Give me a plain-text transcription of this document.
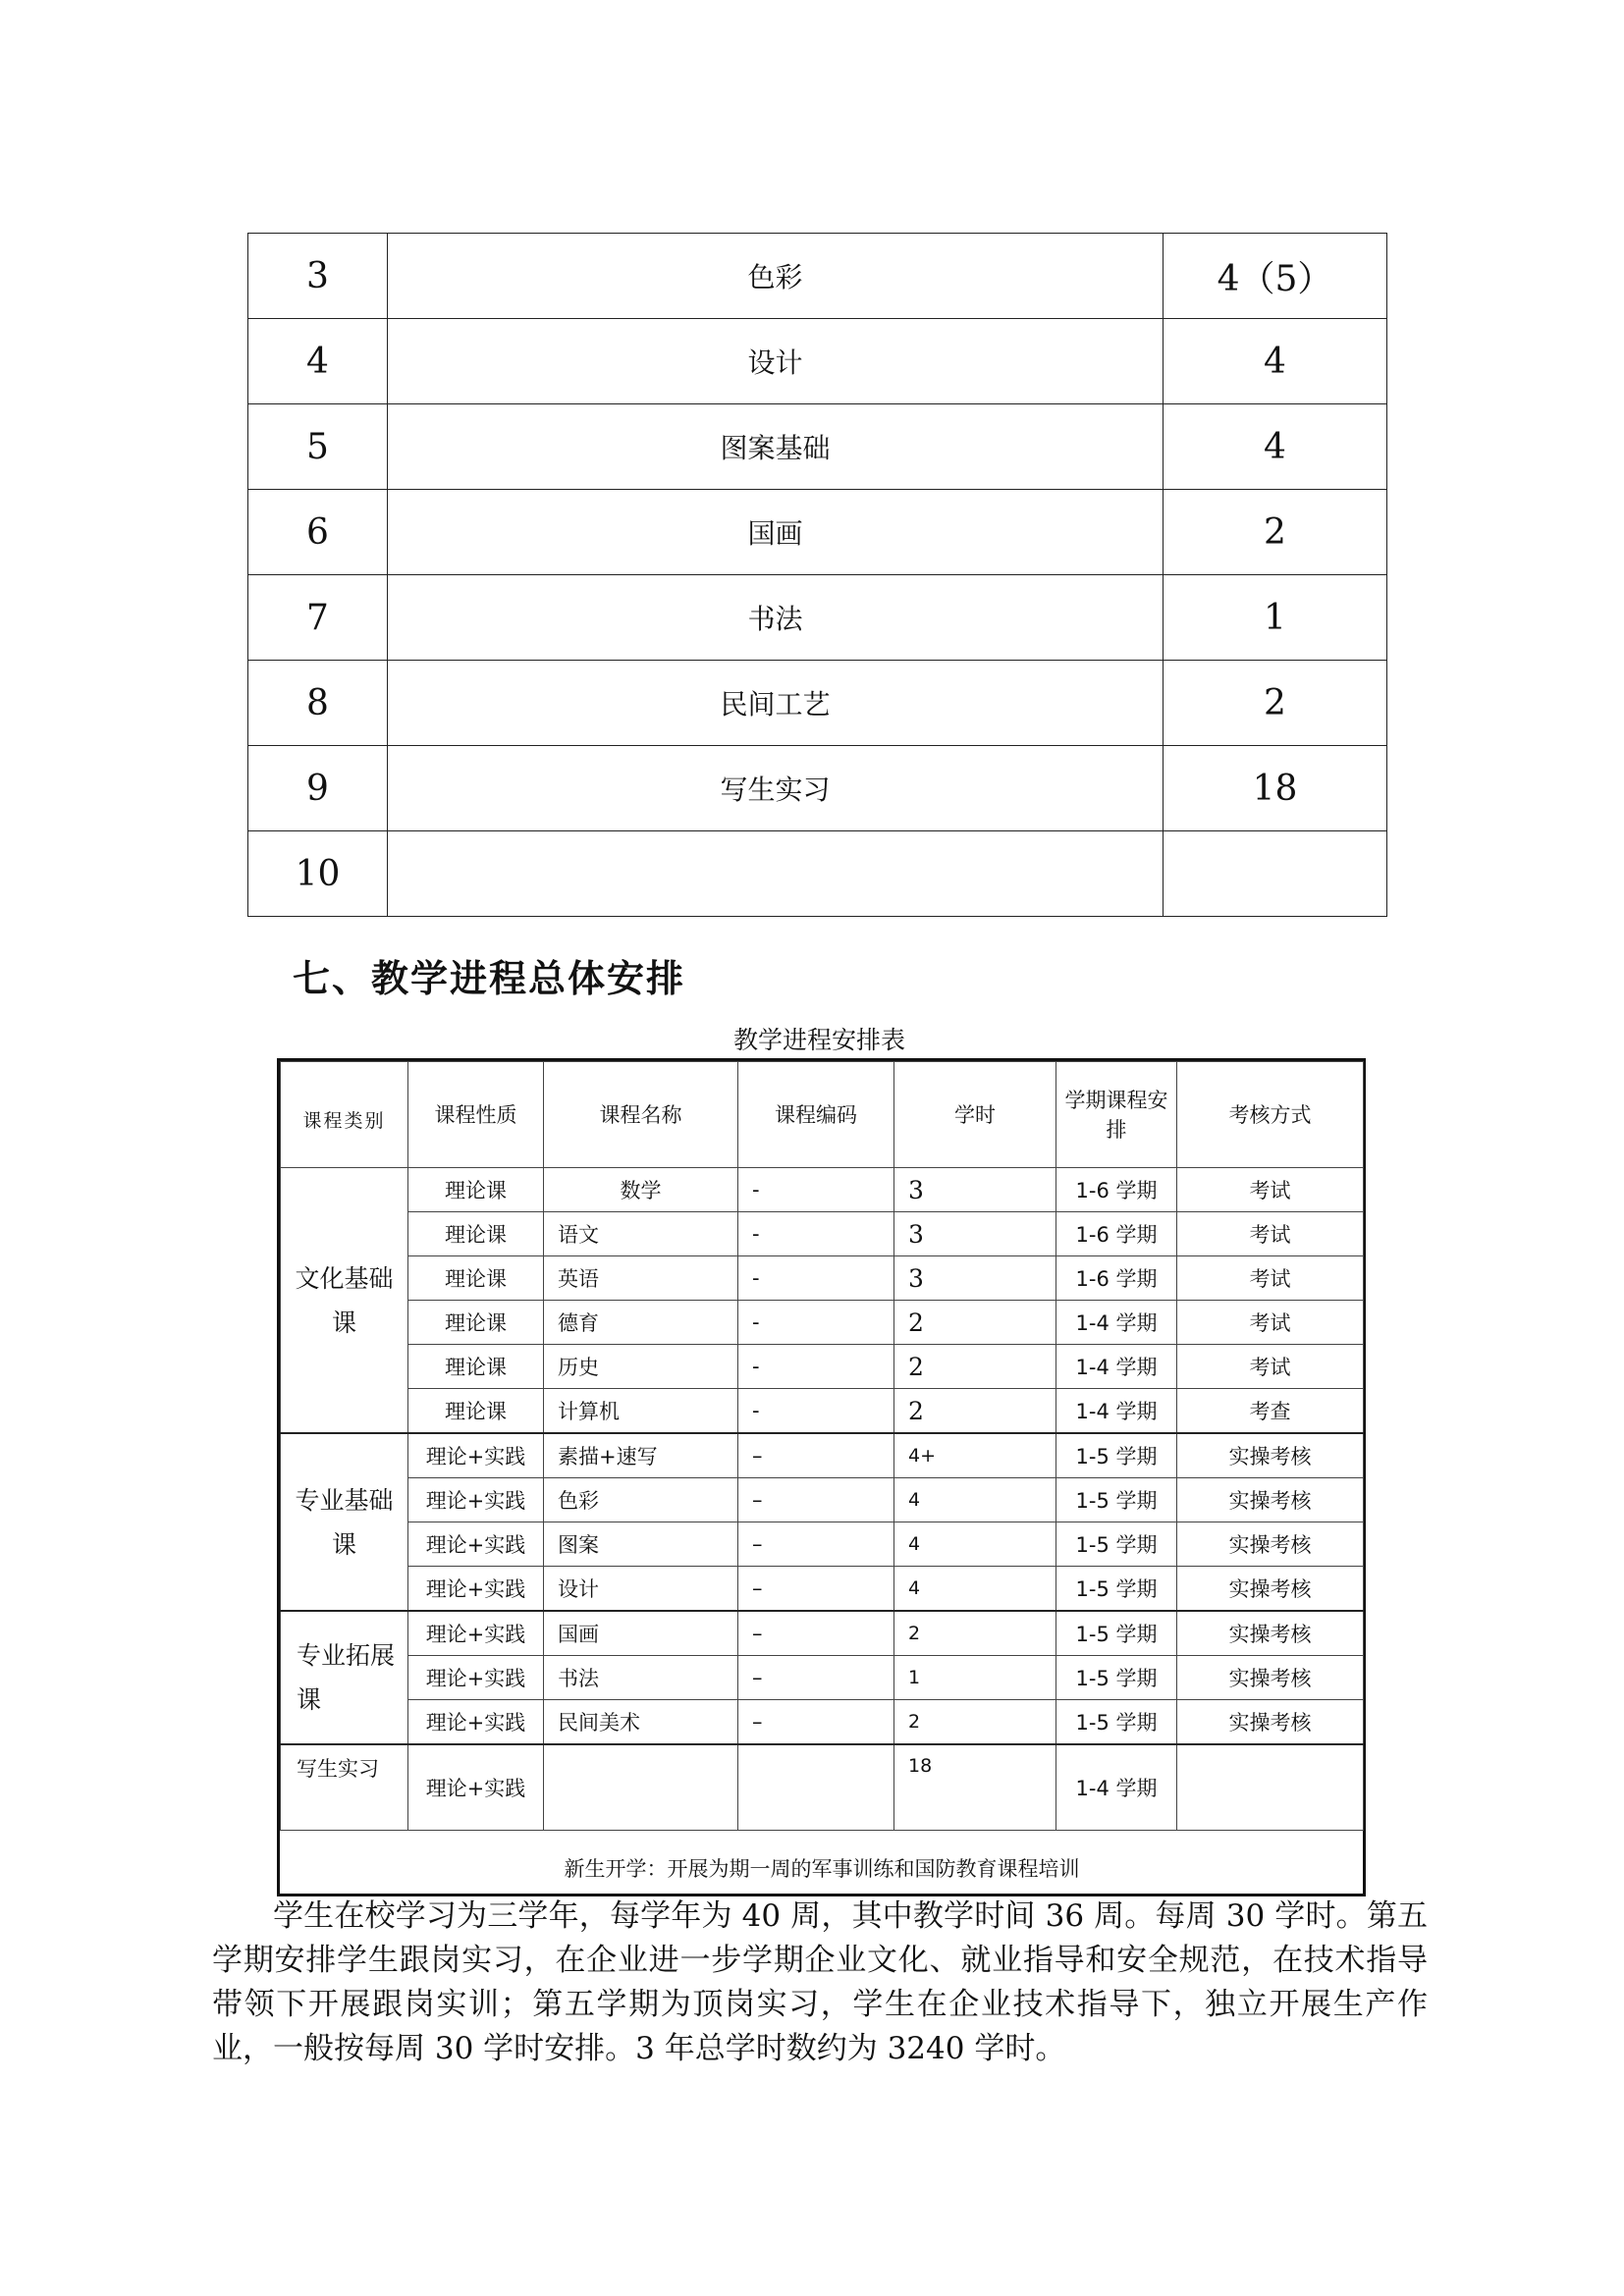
3	色彩	4（5）
4	设计	4
5	图案基础	4
6	国画	2
7	书法	1
8	民间工艺	2
9	写生实习	18
10		
七、教学进程总体安排
教学进程安排表
课程类别	课程性质	课程名称	课程编码	学时	学期课程安排	考核方式
文化基础课	理论课	数学	-	3	1-6 学期	考试
	理论课	语文	-	3	1-6 学期	考试
	理论课	英语	-	3	1-6 学期	考试
	理论课	德育	-	2	1-4 学期	考试
	理论课	历史	-	2	1-4 学期	考试
	理论课	计算机	-	2	1-4 学期	考查
专业基础课	理论+实践	素描+速写	–	4+	1-5 学期	实操考核
	理论+实践	色彩	–	4	1-5 学期	实操考核
	理论+实践	图案	–	4	1-5 学期	实操考核
	理论+实践	设计	–	4	1-5 学期	实操考核
专业拓展课	理论+实践	国画	–	2	1-5 学期	实操考核
	理论+实践	书法	–	1	1-5 学期	实操考核
	理论+实践	民间美术	–	2	1-5 学期	实操考核
写生实习	理论+实践			18	1-4 学期	
新生开学：开展为期一周的军事训练和国防教育课程培训						

学生在校学习为三学年，每学年为 40 周，其中教学时间 36 周。每周 30 学时。第五学期安排学生跟岗实习，在企业进一步学期企业文化、就业指导和安全规范，在技术指导带领下开展跟岗实训；第五学期为顶岗实习，学生在企业技术指导下，独立开展生产作业，一般按每周 30 学时安排。3 年总学时数约为 3240 学时。
